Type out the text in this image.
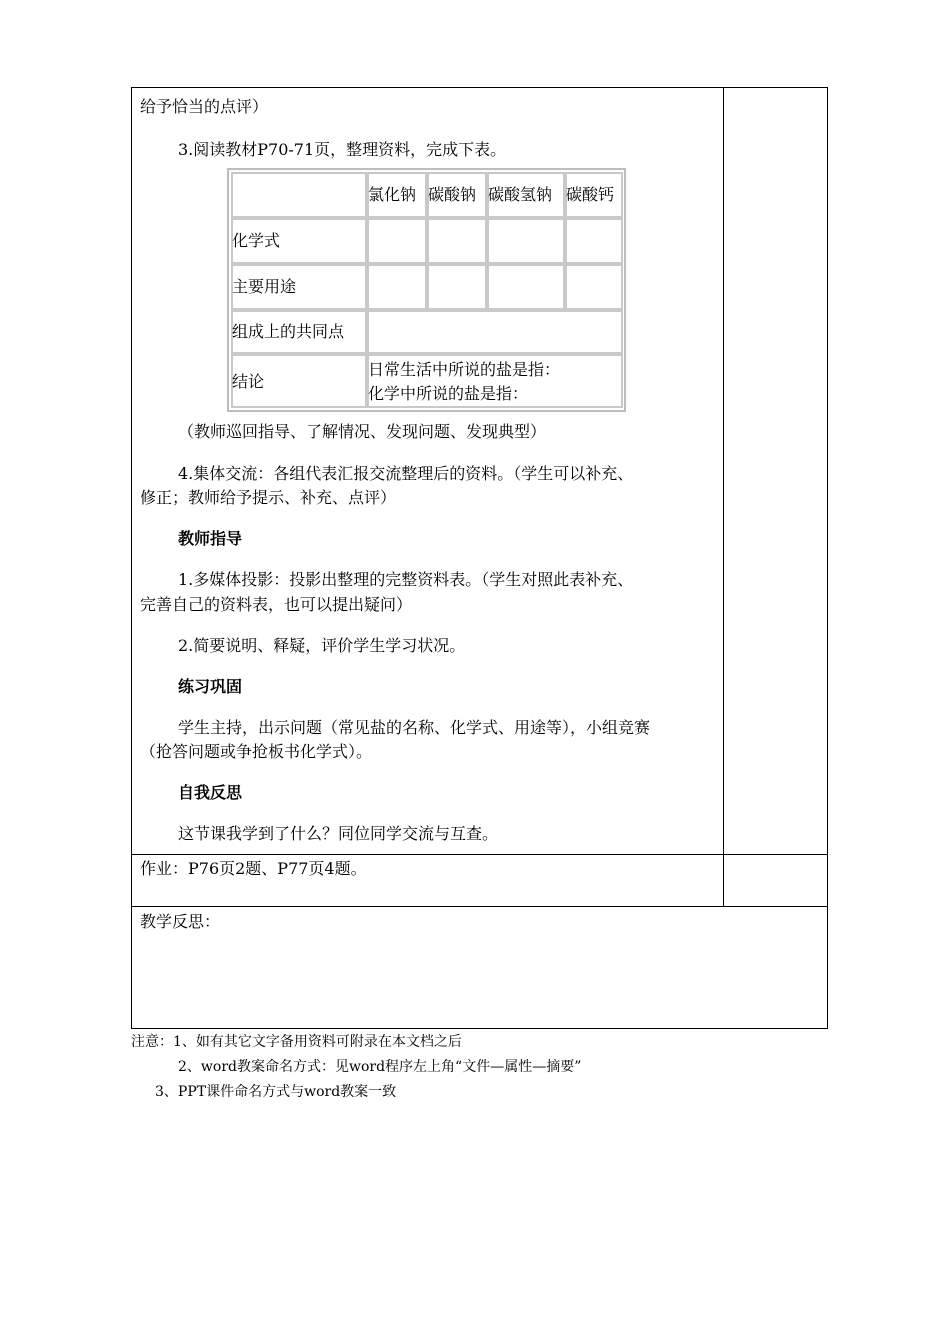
给予恰当的点评）
3.阅读教材P70-71页，整理资料，完成下表。
氯化钠 碳酸钠 碳酸氢钠 碳酸钙
化学式
主要用途
组成上的共同点
结论
日常生活中所说的盐是指：
化学中所说的盐是指：
（教师巡回指导、了解情况、发现问题、发现典型）
4.集体交流：各组代表汇报交流整理后的资料。（学生可以补充、
修正；教师给予提示、补充、点评）
教师指导
1.多媒体投影：投影出整理的完整资料表。（学生对照此表补充、
完善自己的资料表，也可以提出疑问）
2.简要说明、释疑，评价学生学习状况。
练习巩固
学生主持，出示问题（常见盐的名称、化学式、用途等），小组竞赛
（抢答问题或争抢板书化学式）。
自我反思
这节课我学到了什么？同位同学交流与互查。
作业：P76页2题、P77页4题。
教学反思：
注意：1、如有其它文字备用资料可附录在本文档之后
2、word教案命名方式：见word程序左上角“文件—属性—摘要”
3、PPT课件命名方式与word教案一致
